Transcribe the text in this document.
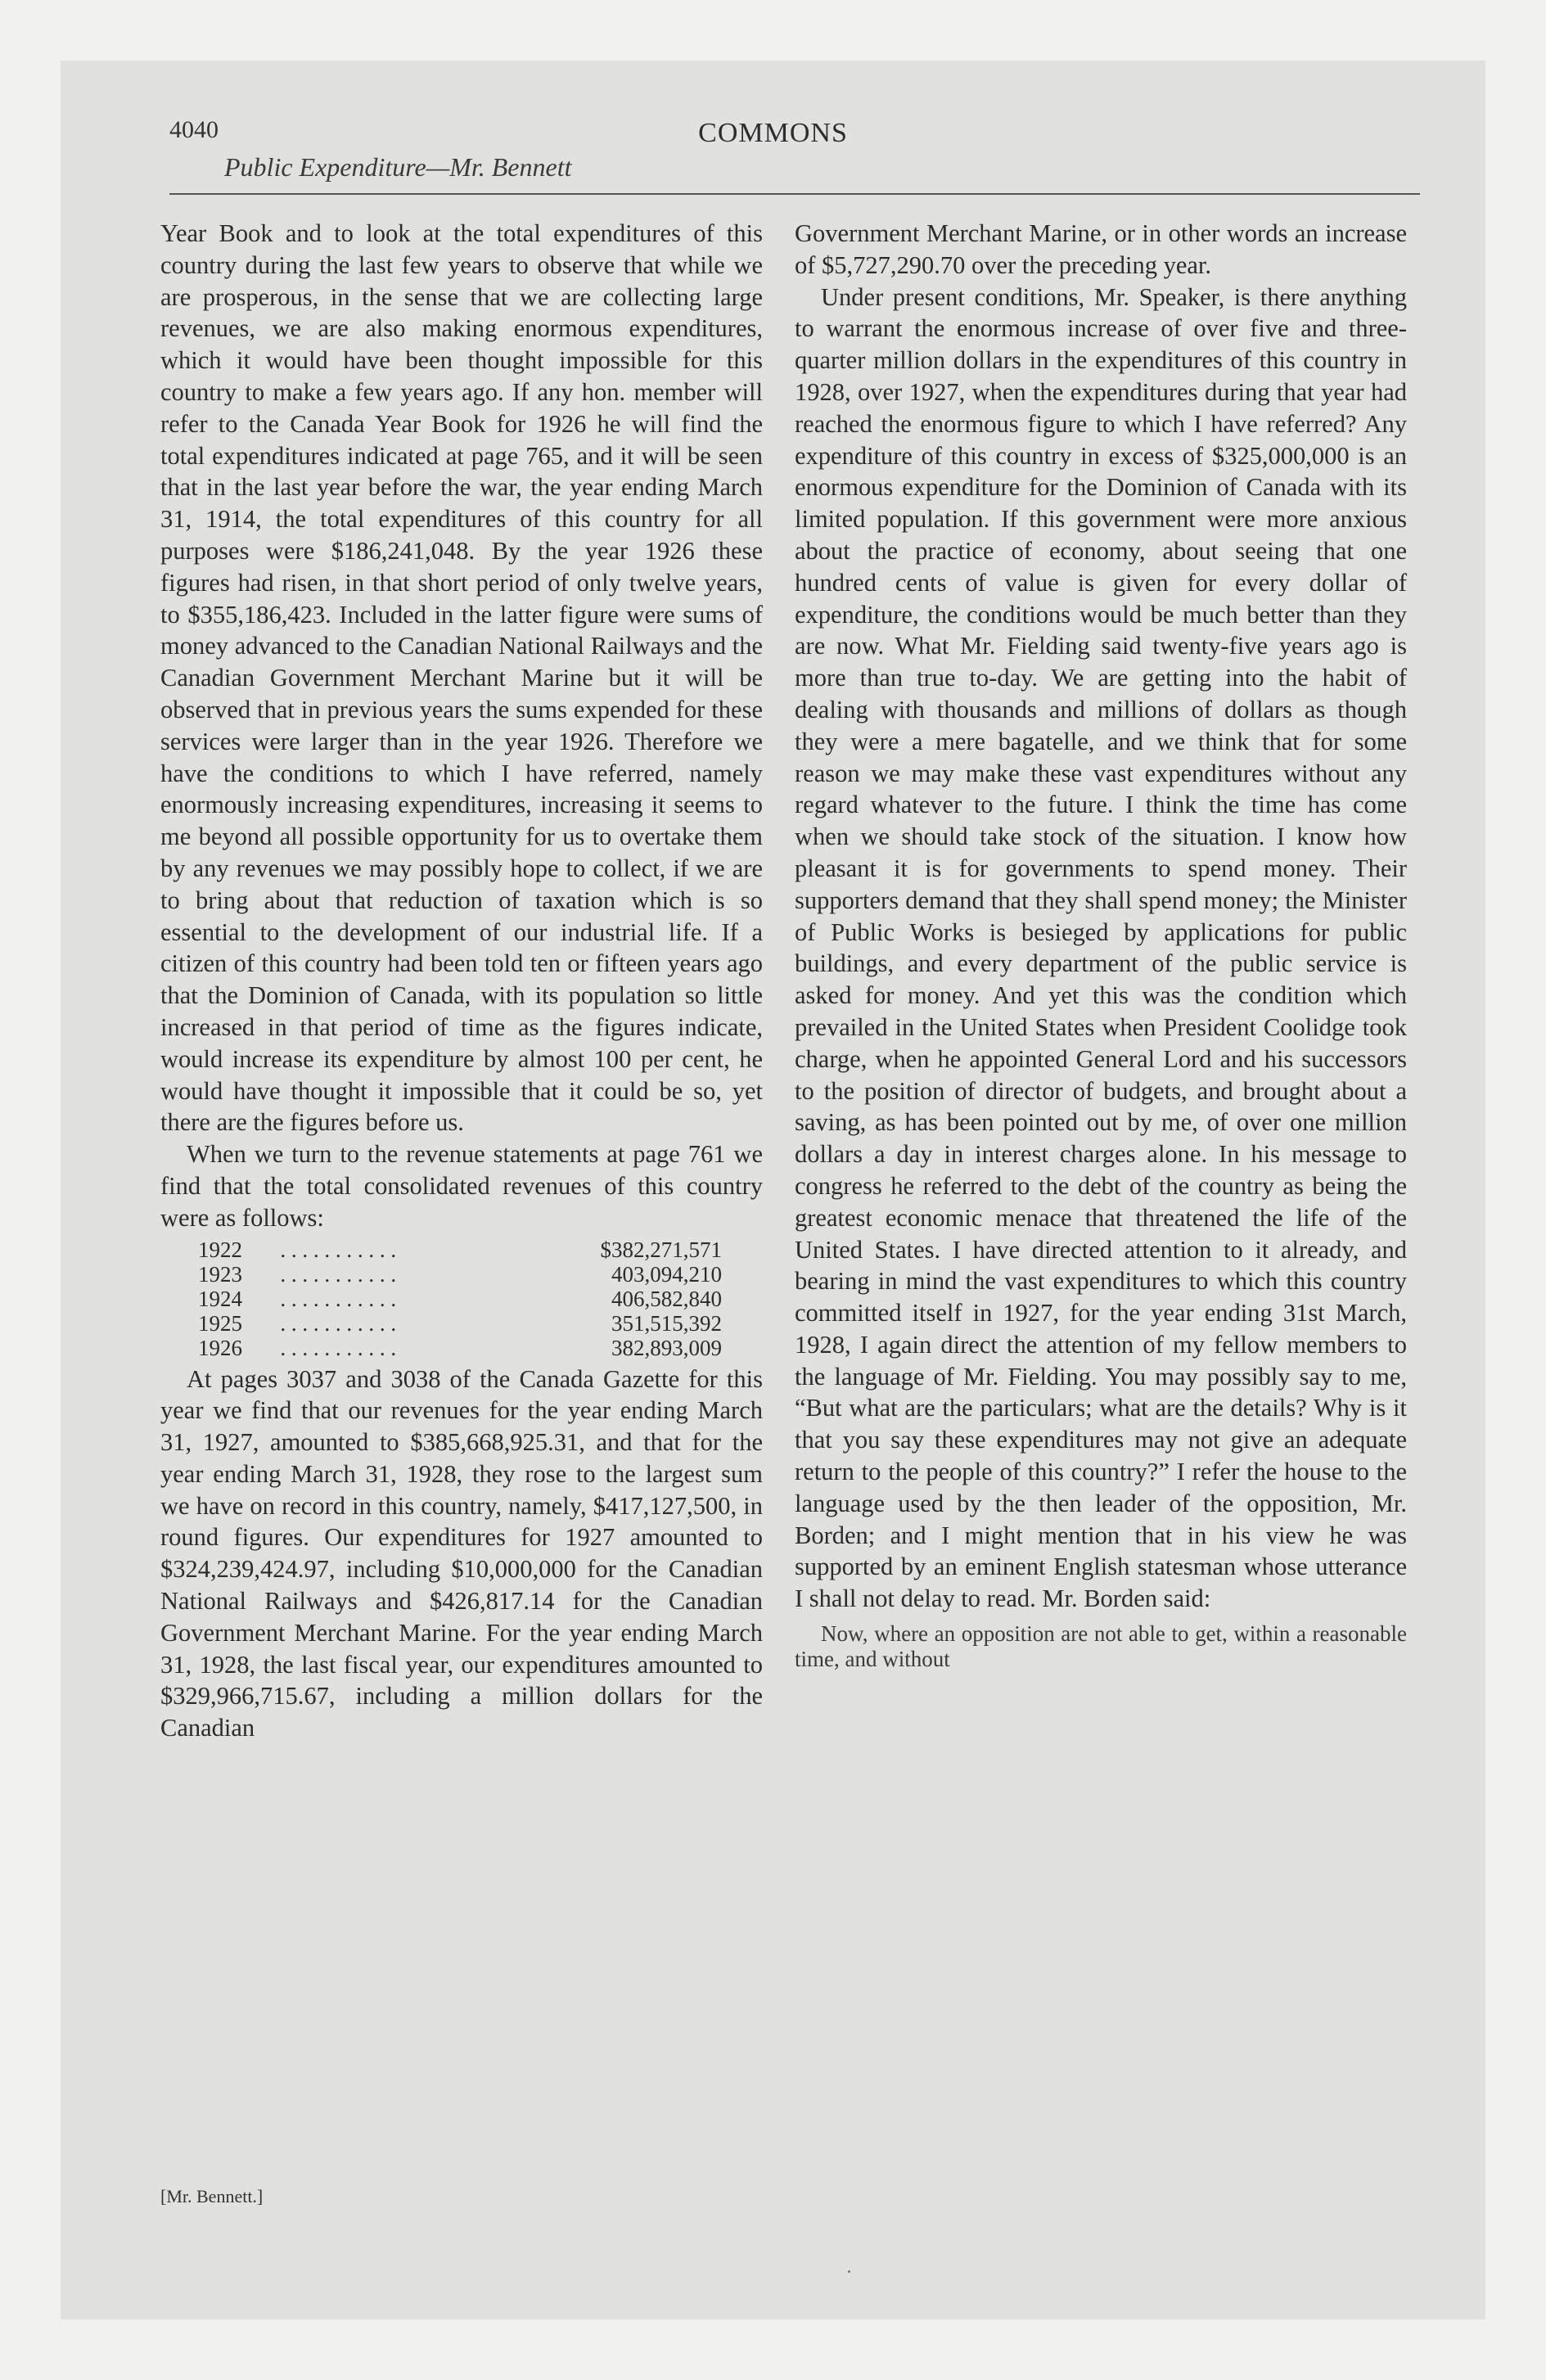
4040	COMMONS
Public Expenditure—Mr. Bennett

Year Book and to look at the total expenditures of this country during the last few years to observe that while we are prosperous, in the sense that we are collecting large revenues, we are also making enormous expenditures, which it would have been thought impossible for this country to make a few years ago. If any hon. member will refer to the Canada Year Book for 1926 he will find the total expenditures indicated at page 765, and it will be seen that in the last year before the war, the year ending March 31, 1914, the total expenditures of this country for all purposes were $186,241,048. By the year 1926 these figures had risen, in that short period of only twelve years, to $355,186,423. Included in the latter figure were sums of money advanced to the Canadian National Railways and the Canadian Government Merchant Marine but it will be observed that in previous years the sums expended for these services were larger than in the year 1926. Therefore we have the conditions to which I have referred, namely enormously increasing expenditures, increasing it seems to me beyond all possible opportunity for us to overtake them by any revenues we may possibly hope to collect, if we are to bring about that reduction of taxation which is so essential to the development of our industrial life. If a citizen of this country had been told ten or fifteen years ago that the Dominion of Canada, with its population so little increased in that period of time as the figures indicate, would increase its expenditure by almost 100 per cent, he would have thought it impossible that it could be so, yet there are the figures before us.

When we turn to the revenue statements at page 761 we find that the total consolidated revenues of this country were as follows:

1922	. . . . . . . . . . .	$382,271,571
1923	. . . . . . . . . . .	403,094,210
1924	. . . . . . . . . . .	406,582,840
1925	. . . . . . . . . . .	351,515,392
1926	. . . . . . . . . . .	382,893,009

At pages 3037 and 3038 of the Canada Gazette for this year we find that our revenues for the year ending March 31, 1927, amounted to $385,668,925.31, and that for the year ending March 31, 1928, they rose to the largest sum we have on record in this country, namely, $417,127,500, in round figures. Our expenditures for 1927 amounted to $324,239,424.97, including $10,000,000 for the Canadian National Railways and $426,817.14 for the Canadian Government Merchant Marine. For the year ending March 31, 1928, the last fiscal year, our expenditures amounted to $329,966,715.67, including a million dollars for the Canadian

Government Merchant Marine, or in other words an increase of $5,727,290.70 over the preceding year.

Under present conditions, Mr. Speaker, is there anything to warrant the enormous increase of over five and three-quarter million dollars in the expenditures of this country in 1928, over 1927, when the expenditures during that year had reached the enormous figure to which I have referred? Any expenditure of this country in excess of $325,000,000 is an enormous expenditure for the Dominion of Canada with its limited population. If this government were more anxious about the practice of economy, about seeing that one hundred cents of value is given for every dollar of expenditure, the conditions would be much better than they are now. What Mr. Fielding said twenty-five years ago is more than true to-day. We are getting into the habit of dealing with thousands and millions of dollars as though they were a mere bagatelle, and we think that for some reason we may make these vast expenditures without any regard whatever to the future. I think the time has come when we should take stock of the situation. I know how pleasant it is for governments to spend money. Their supporters demand that they shall spend money; the Minister of Public Works is besieged by applications for public buildings, and every department of the public service is asked for money. And yet this was the condition which prevailed in the United States when President Coolidge took charge, when he appointed General Lord and his successors to the position of director of budgets, and brought about a saving, as has been pointed out by me, of over one million dollars a day in interest charges alone. In his message to congress he referred to the debt of the country as being the greatest economic menace that threatened the life of the United States. I have directed attention to it already, and bearing in mind the vast expenditures to which this country committed itself in 1927, for the year ending 31st March, 1928, I again direct the attention of my fellow members to the language of Mr. Fielding. You may possibly say to me, “But what are the particulars; what are the details? Why is it that you say these expenditures may not give an adequate return to the people of this country?” I refer the house to the language used by the then leader of the opposition, Mr. Borden; and I might mention that in his view he was supported by an eminent English statesman whose utterance I shall not delay to read. Mr. Borden said:

Now, where an opposition are not able to get, within a reasonable time, and without

[Mr. Bennett.]
